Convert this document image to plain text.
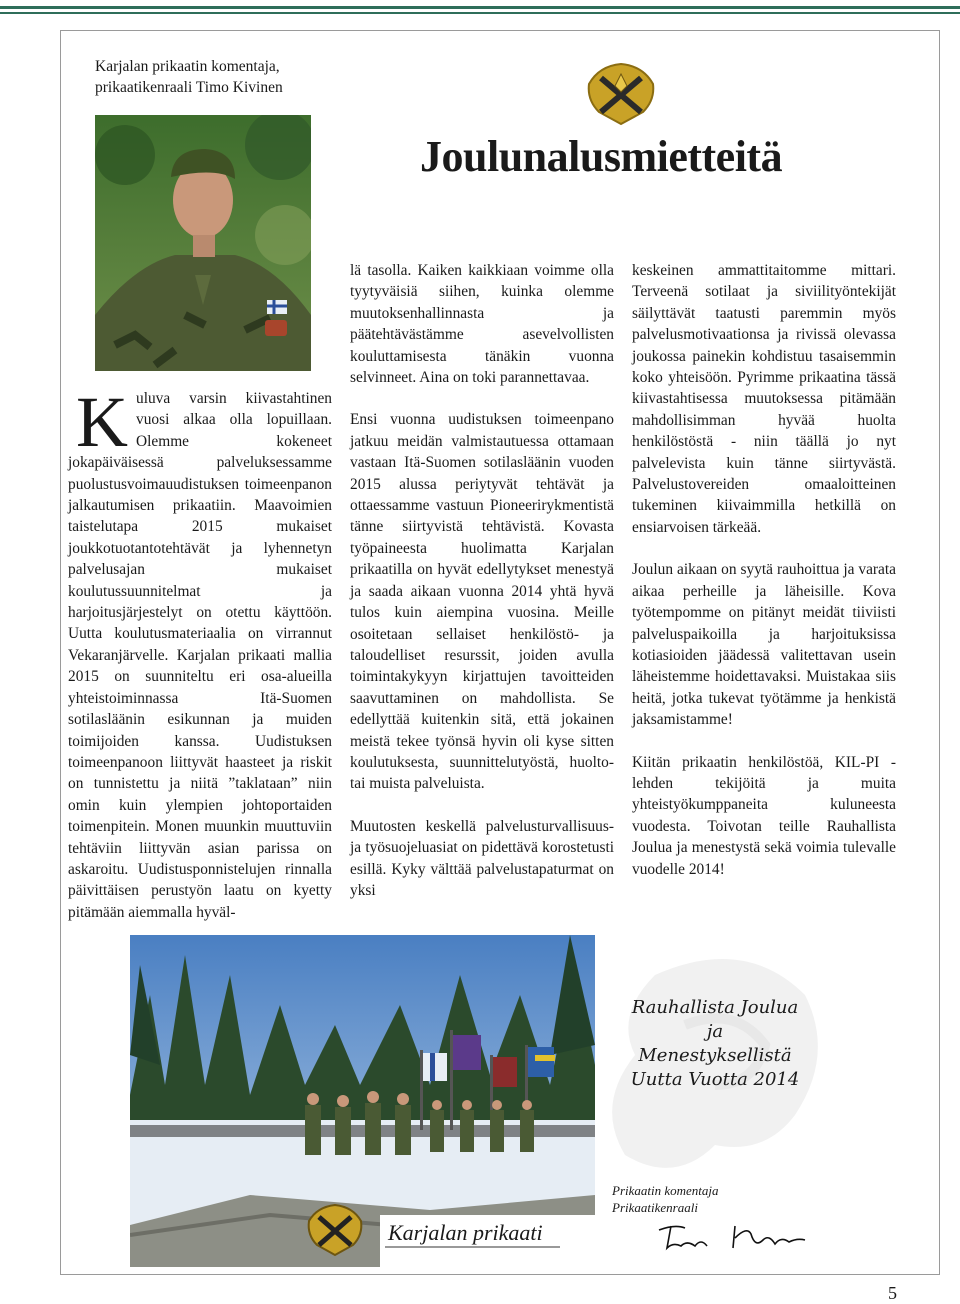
Karjalan prikaatin komentaja,
prikaatikenraali Timo Kivinen
Joulunalusmietteitä

Kuluva varsin kiivastahtinen vuosi alkaa olla lopuillaan. Olemme kokeneet jokapäiväisessä palveluksessamme puolustusvoimauudistuksen toimeenpanon jalkautumisen prikaatiin. Maavoimien taistelutapa 2015 mukaiset joukkotuotantotehtävät ja lyhennetyn palvelusajan mukaiset koulutussuunnitelmat ja harjoitusjärjestelyt on otettu käyttöön. Uutta koulutusmateriaalia on virrannut Vekaranjärvelle. Karjalan prikaati mallia 2015 on suunniteltu eri osa-alueilla yhteistoiminnassa Itä-Suomen sotilasläänin esikunnan ja muiden toimijoiden kanssa. Uudistuksen toimeenpanoon liittyvät haasteet ja riskit on tunnistettu ja niitä ”taklataan” niin omin kuin ylempien johtoportaiden toimenpitein. Monen muunkin muuttuviin tehtäviin liittyvän asian parissa on askaroitu. Uudistusponnistelujen rinnalla päivittäisen perustyön laatu on kyetty pitämään aiemmalla hyväl-

lä tasolla. Kaiken kaikkiaan voimme olla tyytyväisiä siihen, kuinka olemme muutoksenhallinnasta ja päätehtävästämme asevelvollisten kouluttamisesta tänäkin vuonna selvinneet. Aina on toki parannettavaa.

Ensi vuonna uudistuksen toimeenpano jatkuu meidän valmistautuessa ottamaan vastaan Itä-Suomen sotilasläänin vuoden 2015 alussa periytyvät tehtävät ja ottaessamme vastuun Pioneerirykmentistä tänne siirtyvistä tehtävistä. Kovasta työpaineesta huolimatta Karjalan prikaatilla on hyvät edellytykset menestyä ja saada aikaan vuonna 2014 yhtä hyvä tulos kuin aiempina vuosina. Meille osoitetaan sellaiset henkilöstö- ja taloudelliset resurssit, joiden avulla toimintakykyyn kirjattujen tavoitteiden saavuttaminen on mahdollista. Se edellyttää kuitenkin sitä, että jokainen meistä tekee työnsä hyvin oli kyse sitten koulutuksesta, suunnittelutyöstä, huolto- tai muista palveluista.

Muutosten keskellä palvelusturvallisuus- ja työsuojeluasiat on pidettävä korostetusti esillä. Kyky välttää palvelustapaturmat on yksi

keskeinen ammattitaitomme mittari. Terveenä sotilaat ja siviilityöntekijät säilyttävät taatusti paremmin myös palvelusmotivaationsa ja rivissä olevassa joukossa painekin kohdistuu tasaisemmin koko yhteisöön. Pyrimme prikaatina tässä kiivastahtisessa muutoksessa pitämään mahdollisimman hyvää huolta henkilöstöstä - niin täällä jo nyt palvelevista kuin tänne siirtyvästä. Palvelustovereiden omaaloitteinen tukeminen kiivaimmilla hetkillä on ensiarvoisen tärkeää.

Joulun aikaan on syytä rauhoittua ja varata aikaa perheille ja läheisille. Kova työtempomme on pitänyt meidät tiiviisti palveluspaikoilla ja harjoituksissa kotiasioiden jäädessä valitettavan usein läheistemme hoidettavaksi. Muistakaa siis heitä, jotka tukevat työtämme ja henkistä jaksamistamme!

Kiitän prikaatin henkilöstöä, KIL-PI -lehden tekijöitä ja muita yhteistyökumppaneita kuluneesta vuodesta. Toivotan teille Rauhallista Joulua ja menestystä sekä voimia tulevalle vuodelle 2014!

Karjalan prikaati
Rauhallista Joulua
ja
Menestyksellistä
Uutta Vuotta 2014
Prikaatin komentaja
Prikaatikenraali
5
